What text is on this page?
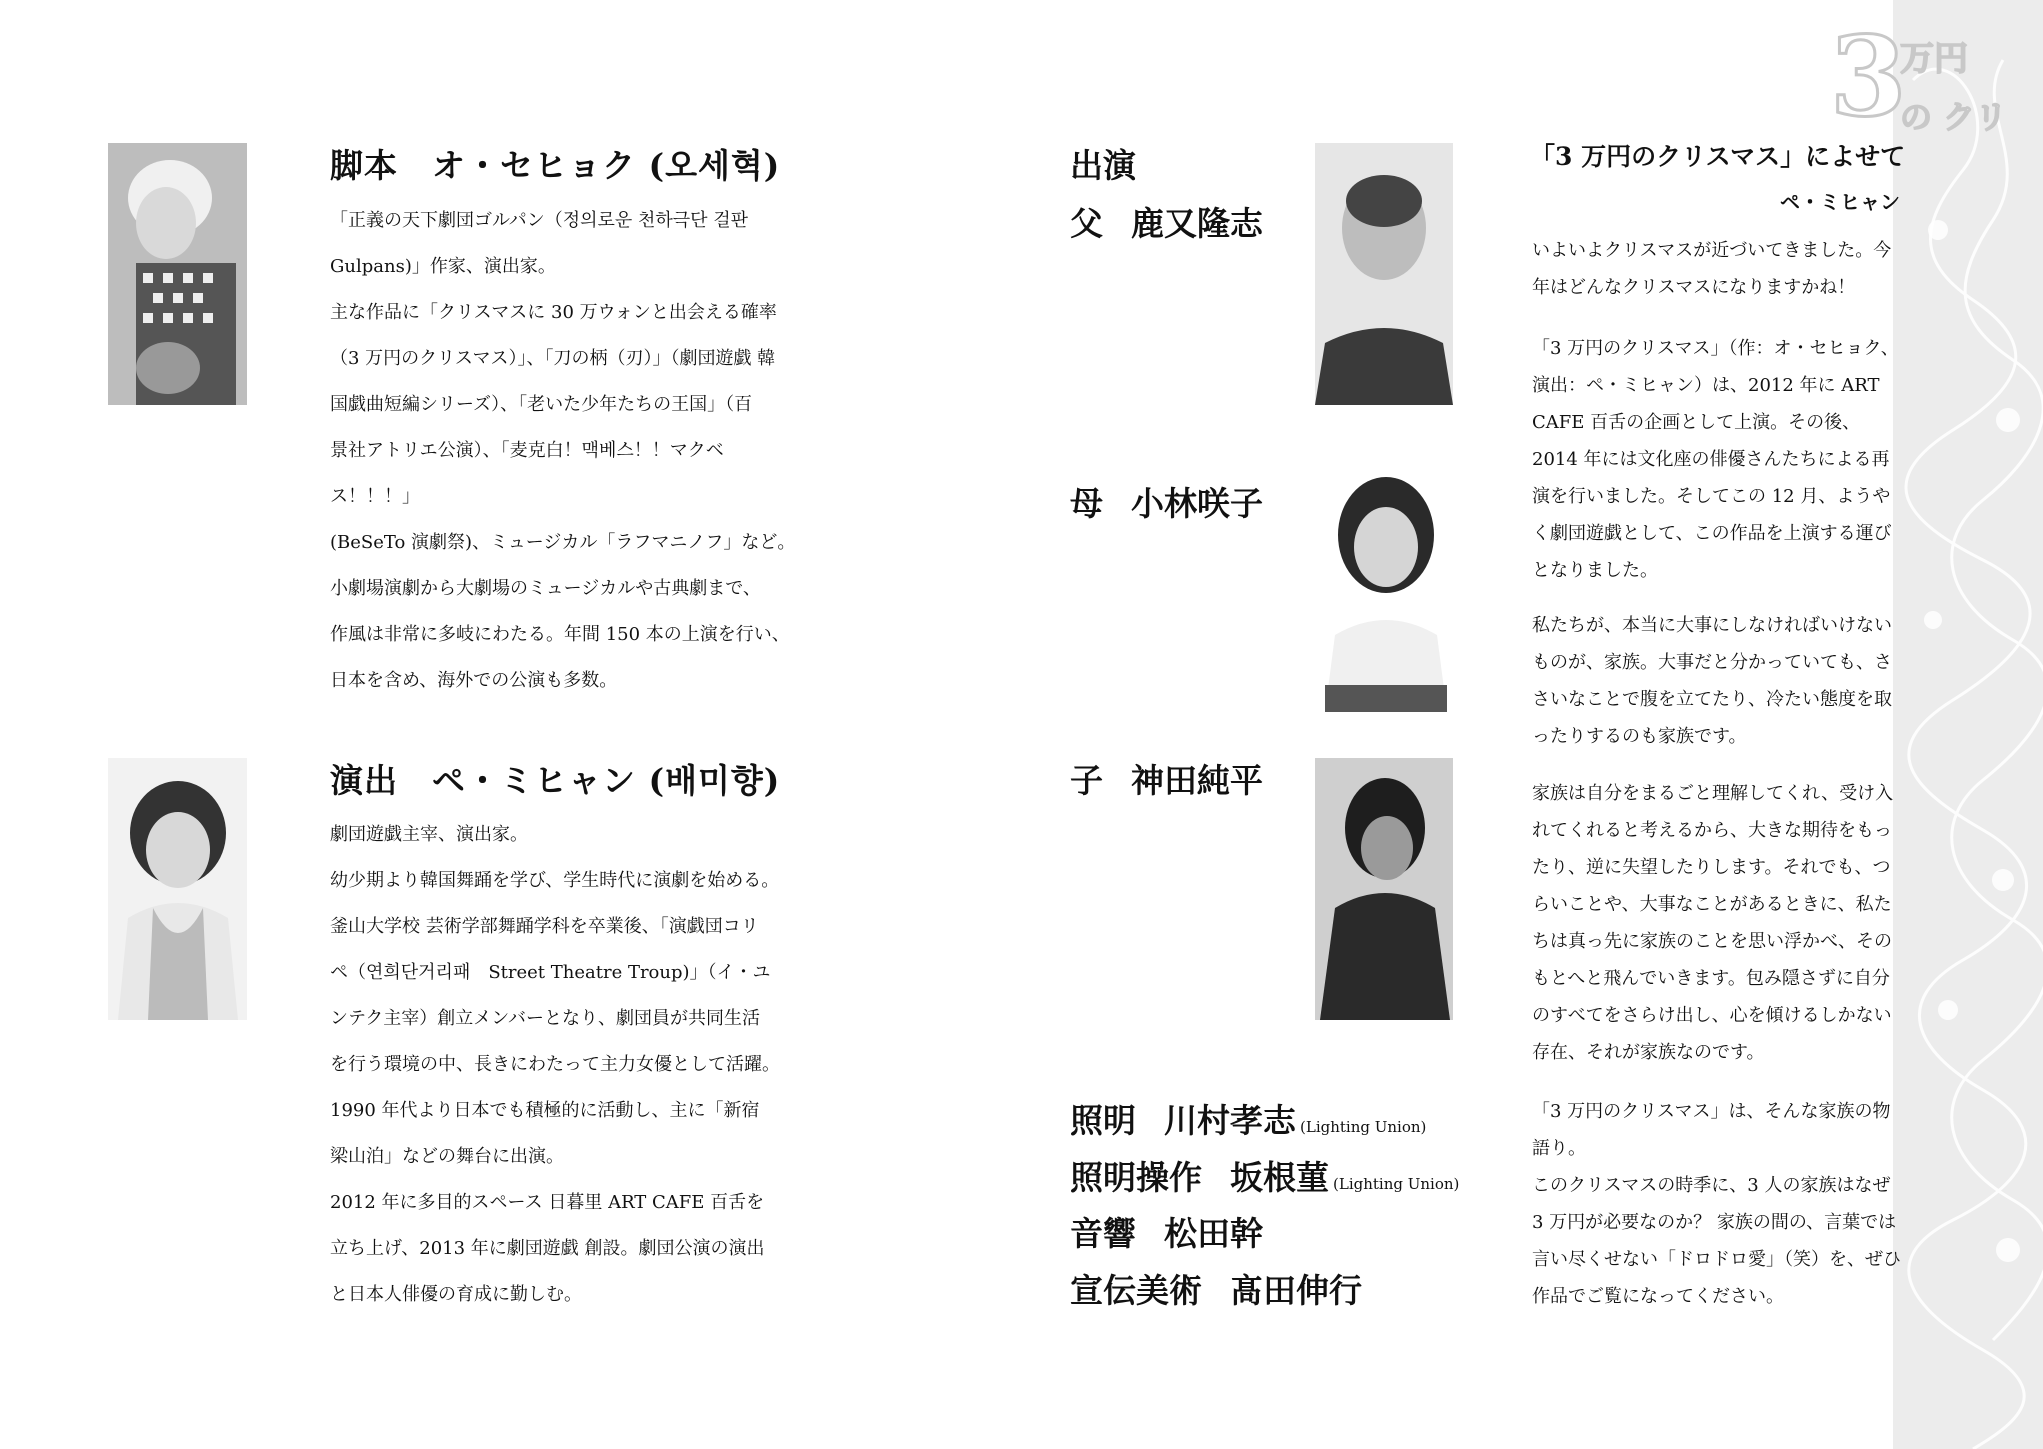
3
万円
の クリ
脚本　オ・セヒョク (오세혁)

「正義の天下劇団ゴルパン（정의로운 천하극단 걸판

Gulpans)」作家、演出家。

主な作品に「クリスマスに 30 万ウォンと出会える確率

（3 万円のクリスマス）」、「刀の柄（刃）」（劇団遊戯 韓

国戯曲短編シリーズ）、「老いた少年たちの王国」（百

景社アトリエ公演）、「麦克白！맥베스！！マクベス！！！」

(BeSeTo 演劇祭)、ミュージカル「ラフマニノフ」など。

小劇場演劇から大劇場のミュージカルや古典劇まで、

作風は非常に多岐にわたる。年間 150 本の上演を行い、

日本を含め、海外での公演も多数。

演出　ペ・ミヒャン (배미향)

劇団遊戯主宰、演出家。

幼少期より韓国舞踊を学び、学生時代に演劇を始める。

釜山大学校 芸術学部舞踊学科を卒業後、「演戯団コリ

ペ（연희단거리패　Street Theatre Troup)」（イ・ユ

ンテク主宰）創立メンバーとなり、劇団員が共同生活

を行う環境の中、長きにわたって主力女優として活躍。

1990 年代より日本でも積極的に活動し、主に「新宿

梁山泊」などの舞台に出演。

2012 年に多目的スペース 日暮里 ART CAFE 百舌を

立ち上げ、2013 年に劇団遊戯 創設。劇団公演の演出

と日本人俳優の育成に勤しむ。

出演
父 鹿又隆志
母 小林咲子
子 神田純平
照明 川村孝志 (Lighting Union)
照明操作 坂根菫 (Lighting Union)
音響 松田幹
宣伝美術 髙田伸行
「3 万円のクリスマス」によせて
ペ・ミヒャン
いよいよクリスマスが近づいてきました。今年はどんなクリスマスになりますかね！
「3 万円のクリスマス」（作：オ・セヒョク、演出：ペ・ミヒャン）は、2012 年に ART CAFE 百舌の企画として上演。その後、2014 年には文化座の俳優さんたちによる再演を行いました。そしてこの 12 月、ようやく劇団遊戯として、この作品を上演する運びとなりました。
私たちが、本当に大事にしなければいけないものが、家族。大事だと分かっていても、ささいなことで腹を立てたり、冷たい態度を取ったりするのも家族です。
家族は自分をまるごと理解してくれ、受け入れてくれると考えるから、大きな期待をもったり、逆に失望したりします。それでも、つらいことや、大事なことがあるときに、私たちは真っ先に家族のことを思い浮かべ、そのもとへと飛んでいきます。包み隠さずに自分のすべてをさらけ出し、心を傾けるしかない存在、それが家族なのです。
「3 万円のクリスマス」は、そんな家族の物語り。
このクリスマスの時季に、3 人の家族はなぜ 3 万円が必要なのか？ 家族の間の、言葉では言い尽くせない「ドロドロ愛」（笑）を、ぜひ作品でご覧になってください。
